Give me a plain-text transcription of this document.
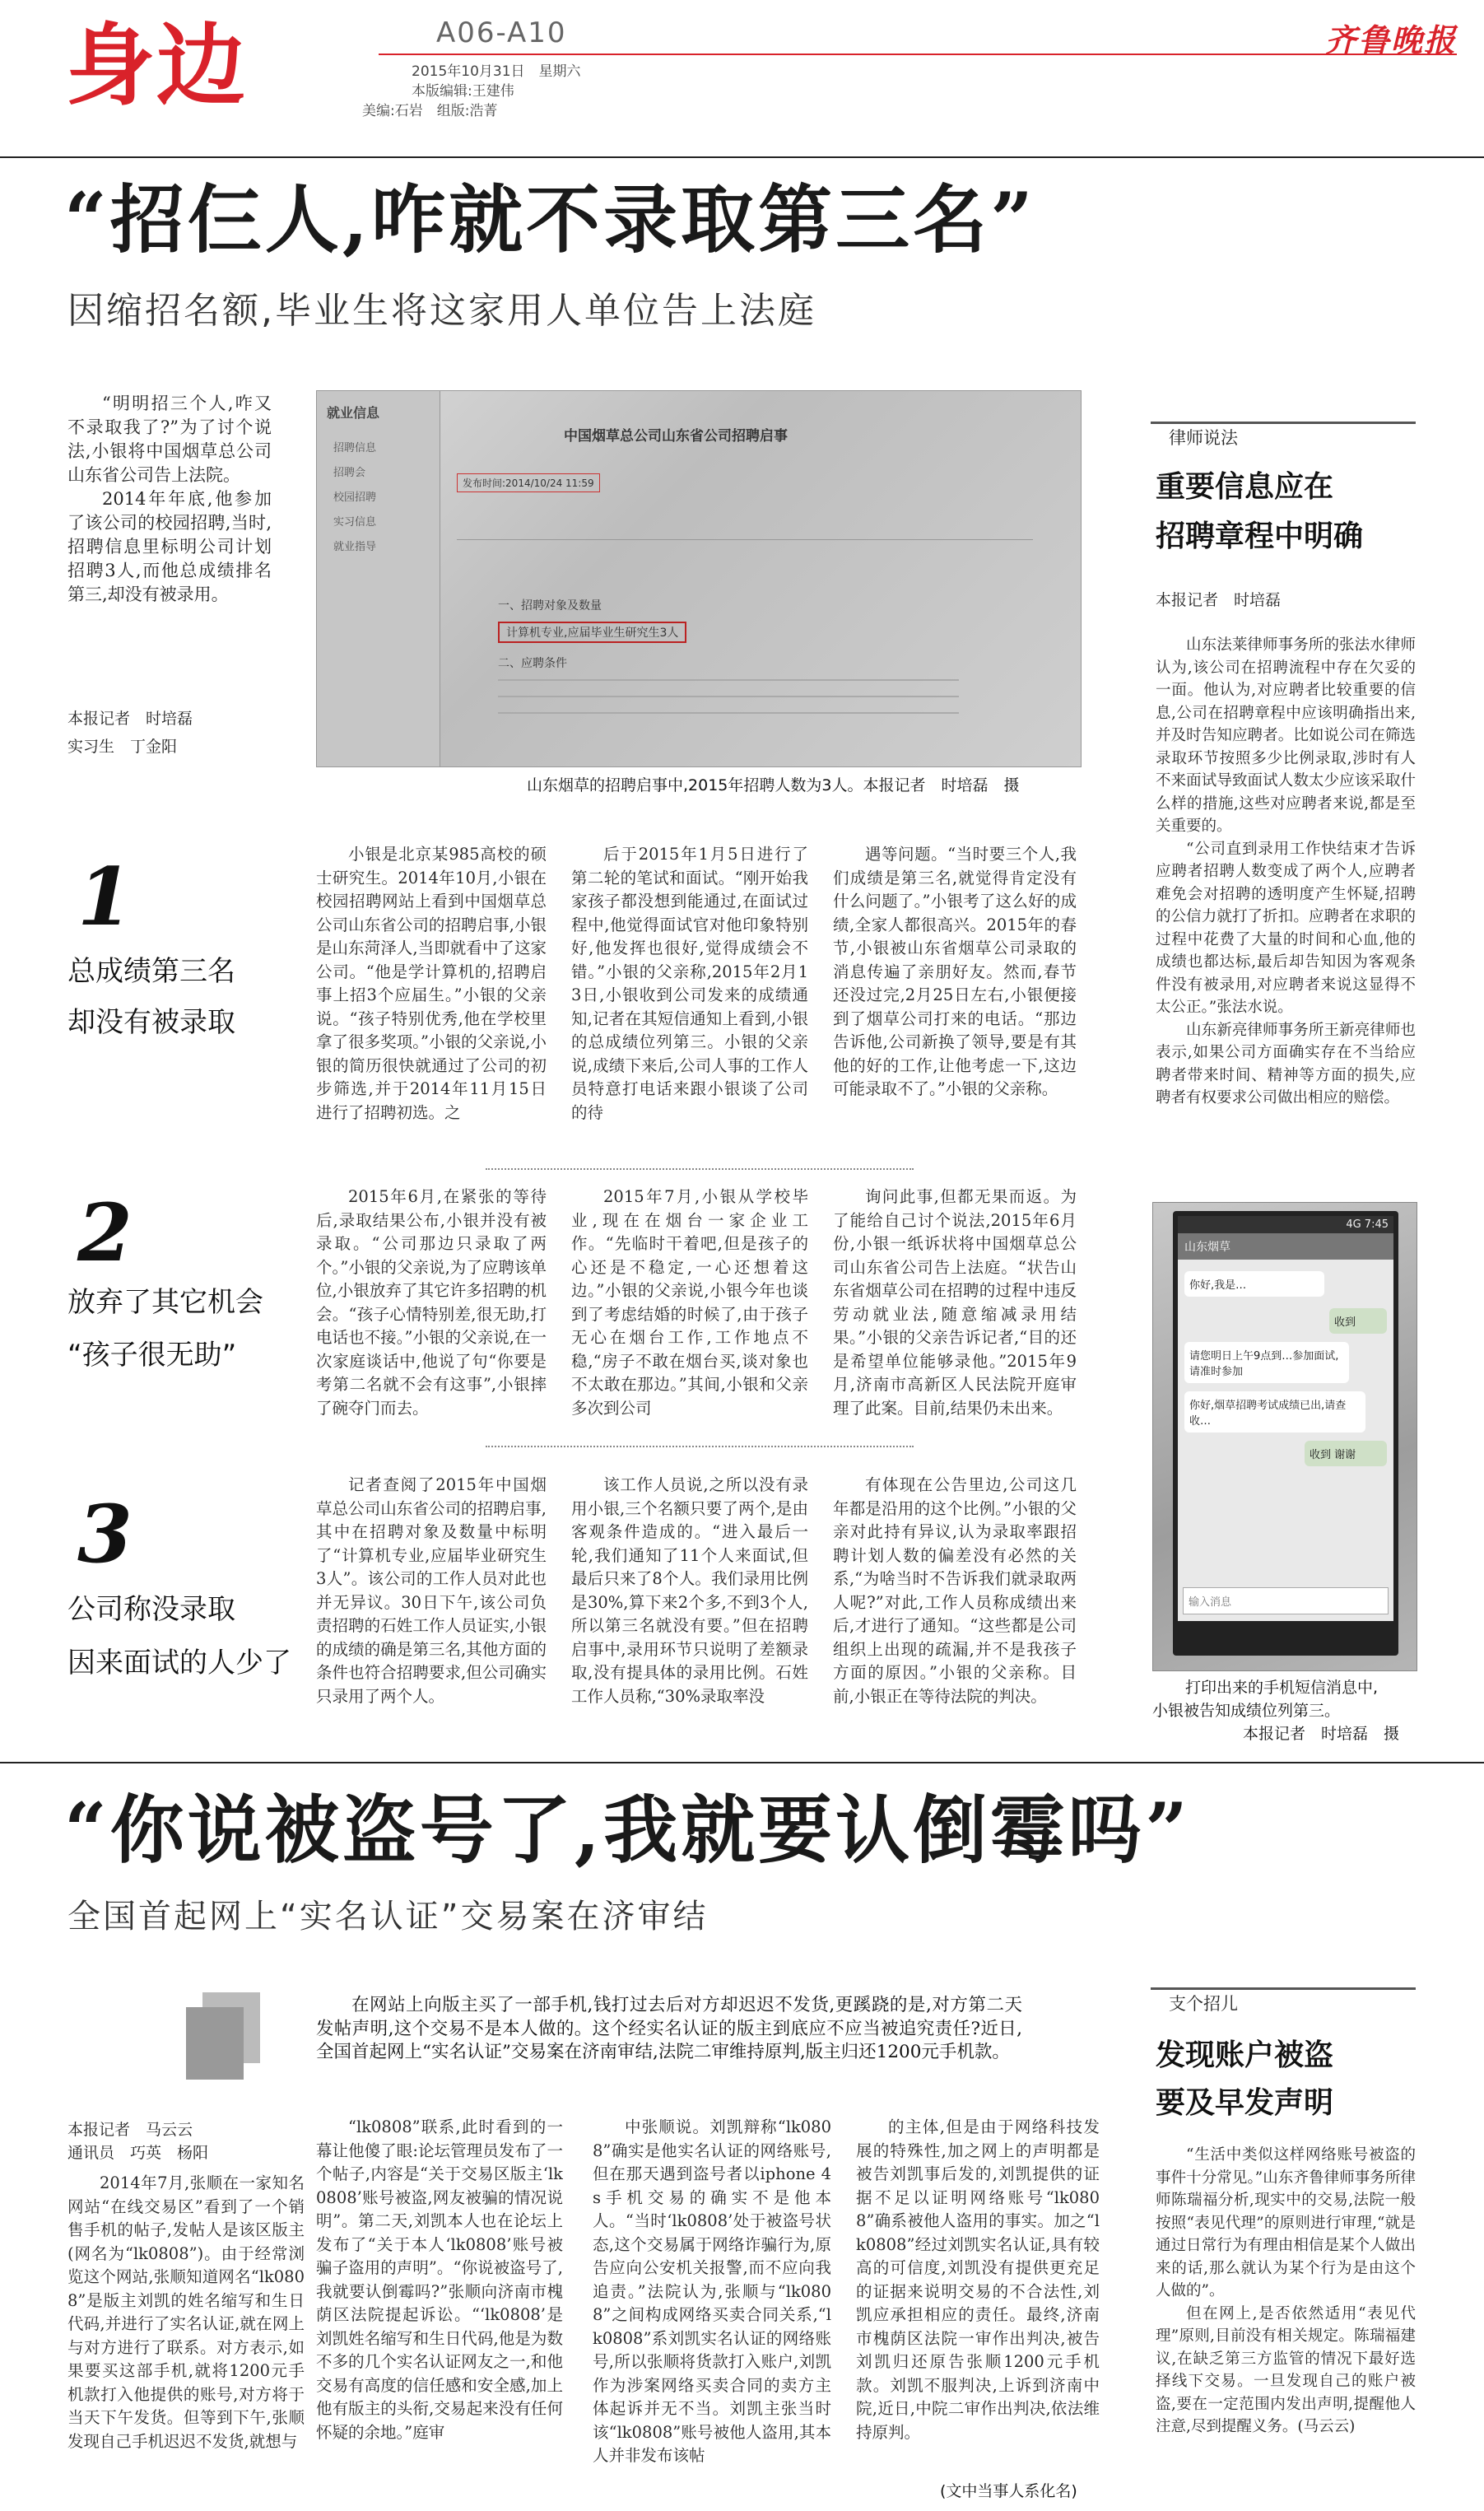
身边	A06-A10	齐鲁晚报
2015年10月31日　星期六
本版编辑:王建伟
美编:石岩　组版:浩菁
“招仨人,咋就不录取第三名”
因缩招名额,毕业生将这家用人单位告上法庭

“明明招三个人,咋又不录取我了?”为了讨个说法,小银将中国烟草总公司山东省公司告上法院。

2014年年底,他参加了该公司的校园招聘,当时,招聘信息里标明公司计划招聘3人,而他总成绩排名第三,却没有被录用。

本报记者　时培磊
实习生　丁金阳
就业信息
招聘信息
招聘会
校园招聘
实习信息
就业指导
中国烟草总公司山东省公司招聘启事
发布时间:2014/10/24 11:59
一、招聘对象及数量
计算机专业,应届毕业生研究生3人
二、应聘条件
山东烟草的招聘启事中,2015年招聘人数为3人。本报记者　时培磊　摄
1
总成绩第三名
却没有被录取

小银是北京某985高校的硕士研究生。2014年10月,小银在校园招聘网站上看到中国烟草总公司山东省公司的招聘启事,小银是山东菏泽人,当即就看中了这家公司。“他是学计算机的,招聘启事上招3个应届生。”小银的父亲说。“孩子特别优秀,他在学校里拿了很多奖项。”小银的父亲说,小银的简历很快就通过了公司的初步筛选,并于2014年11月15日进行了招聘初选。之

后于2015年1月5日进行了第二轮的笔试和面试。“刚开始我家孩子都没想到能通过,在面试过程中,他觉得面试官对他印象特别好,他发挥也很好,觉得成绩会不错。”小银的父亲称,2015年2月13日,小银收到公司发来的成绩通知,记者在其短信通知上看到,小银的总成绩位列第三。小银的父亲说,成绩下来后,公司人事的工作人员特意打电话来跟小银谈了公司的待

遇等问题。“当时要三个人,我们成绩是第三名,就觉得肯定没有什么问题了。”小银考了这么好的成绩,全家人都很高兴。2015年的春节,小银被山东省烟草公司录取的消息传遍了亲朋好友。然而,春节还没过完,2月25日左右,小银便接到了烟草公司打来的电话。“那边告诉他,公司新换了领导,要是有其他的好的工作,让他考虑一下,这边可能录取不了。”小银的父亲称。

2
放弃了其它机会
“孩子很无助”

2015年6月,在紧张的等待后,录取结果公布,小银并没有被录取。“公司那边只录取了两个。”小银的父亲说,为了应聘该单位,小银放弃了其它许多招聘的机会。“孩子心情特别差,很无助,打电话也不接。”小银的父亲说,在一次家庭谈话中,他说了句“你要是考第二名就不会有这事”,小银摔了碗夺门而去。

2015年7月,小银从学校毕业,现在在烟台一家企业工作。“先临时干着吧,但是孩子的心还是不稳定,一心还想着这边。”小银的父亲说,小银今年也谈到了考虑结婚的时候了,由于孩子无心在烟台工作,工作地点不稳,“房子不敢在烟台买,谈对象也不太敢在那边。”其间,小银和父亲多次到公司

询问此事,但都无果而返。为了能给自己讨个说法,2015年6月份,小银一纸诉状将中国烟草总公司山东省公司告上法庭。“状告山东省烟草公司在招聘的过程中违反劳动就业法,随意缩减录用结果。”小银的父亲告诉记者,“目的还是希望单位能够录他。”2015年9月,济南市高新区人民法院开庭审理了此案。目前,结果仍未出来。

3
公司称没录取
因来面试的人少了

记者查阅了2015年中国烟草总公司山东省公司的招聘启事,其中在招聘对象及数量中标明了“计算机专业,应届毕业研究生3人”。该公司的工作人员对此也并无异议。30日下午,该公司负责招聘的石姓工作人员证实,小银的成绩的确是第三名,其他方面的条件也符合招聘要求,但公司确实只录用了两个人。

该工作人员说,之所以没有录用小银,三个名额只要了两个,是由客观条件造成的。“进入最后一轮,我们通知了11个人来面试,但最后只来了8个人。我们录用比例是30%,算下来2个多,不到3个人,所以第三名就没有要。”但在招聘启事中,录用环节只说明了差额录取,没有提具体的录用比例。石姓工作人员称,“30%录取率没

有体现在公告里边,公司这几年都是沿用的这个比例。”小银的父亲对此持有异议,认为录取率跟招聘计划人数的偏差没有必然的关系,“为啥当时不告诉我们就录取两人呢?”对此,工作人员称成绩出来后,才进行了通知。“这些都是公司组织上出现的疏漏,并不是我孩子方面的原因。”小银的父亲称。目前,小银正在等待法院的判决。

律师说法
重要信息应在
招聘章程中明确
本报记者　时培磊

山东法莱律师事务所的张法水律师认为,该公司在招聘流程中存在欠妥的一面。他认为,对应聘者比较重要的信息,公司在招聘章程中应该明确指出来,并及时告知应聘者。比如说公司在筛选录取环节按照多少比例录取,涉时有人不来面试导致面试人数太少应该采取什么样的措施,这些对应聘者来说,都是至关重要的。

“公司直到录用工作快结束才告诉应聘者招聘人数变成了两个人,应聘者难免会对招聘的透明度产生怀疑,招聘的公信力就打了折扣。应聘者在求职的过程中花费了大量的时间和心血,他的成绩也都达标,最后却告知因为客观条件没有被录用,对应聘者来说这显得不太公正。”张法水说。

山东新亮律师事务所王新亮律师也表示,如果公司方面确实存在不当给应聘者带来时间、精神等方面的损失,应聘者有权要求公司做出相应的赔偿。

4G 7:45
山东烟草
你好,我是…
收到
请您明日上午9点到…参加面试,请准时参加
你好,烟草招聘考试成绩已出,请查收…
收到 谢谢
输入消息
打印出来的手机短信消息中,
小银被告知成绩位列第三。
本报记者　时培磊　摄
“你说被盗号了,我就要认倒霉吗”
全国首起网上“实名认证”交易案在济审结
在网站上向版主买了一部手机,钱打过去后对方却迟迟不发货,更蹊跷的是,对方第二天发帖声明,这个交易不是本人做的。这个经实名认证的版主到底应不应当被追究责任?近日,全国首起网上“实名认证”交易案在济南审结,法院二审维持原判,版主归还1200元手机款。
本报记者　马云云
通讯员　巧英　杨阳

2014年7月,张顺在一家知名网站“在线交易区”看到了一个销售手机的帖子,发帖人是该区版主(网名为“lk0808”)。由于经常浏览这个网站,张顺知道网名“lk0808”是版主刘凯的姓名缩写和生日代码,并进行了实名认证,就在网上与对方进行了联系。对方表示,如果要买这部手机,就将1200元手机款打入他提供的账号,对方将于当天下午发货。但等到下午,张顺发现自己手机迟迟不发货,就想与

“lk0808”联系,此时看到的一幕让他傻了眼:论坛管理员发布了一个帖子,内容是“关于交易区版主‘lk0808’账号被盗,网友被骗的情况说明”。第二天,刘凯本人也在论坛上发布了“关于本人‘lk0808’账号被骗子盗用的声明”。“你说被盗号了,我就要认倒霉吗?”张顺向济南市槐荫区法院提起诉讼。“‘lk0808’是刘凯姓名缩写和生日代码,他是为数不多的几个实名认证网友之一,和他交易有高度的信任感和安全感,加上他有版主的头衔,交易起来没有任何怀疑的余地。”庭审

中张顺说。刘凯辩称“lk0808”确实是他实名认证的网络账号,但在那天遇到盗号者以iphone 4s手机交易的确实不是他本人。“当时‘lk0808’处于被盗号状态,这个交易属于网络诈骗行为,原告应向公安机关报警,而不应向我追责。”法院认为,张顺与“lk0808”之间构成网络买卖合同关系,“lk0808”系刘凯实名认证的网络账号,所以张顺将货款打入账户,刘凯作为涉案网络买卖合同的卖方主体起诉并无不当。刘凯主张当时该“lk0808”账号被他人盗用,其本人并非发布该帖

的主体,但是由于网络科技发展的特殊性,加之网上的声明都是被告刘凯事后发的,刘凯提供的证据不足以证明网络账号“lk0808”确系被他人盗用的事实。加之“lk0808”经过刘凯实名认证,具有较高的可信度,刘凯没有提供更充足的证据来说明交易的不合法性,刘凯应承担相应的责任。最终,济南市槐荫区法院一审作出判决,被告刘凯归还原告张顺1200元手机款。刘凯不服判决,上诉到济南中院,近日,中院二审作出判决,依法维持原判。

(文中当事人系化名)
支个招儿
发现账户被盗
要及早发声明

“生活中类似这样网络账号被盗的事件十分常见。”山东齐鲁律师事务所律师陈瑞福分析,现实中的交易,法院一般按照“表见代理”的原则进行审理,“就是通过日常行为有理由相信是某个人做出来的话,那么就认为某个行为是由这个人做的”。

但在网上,是否依然适用“表见代理”原则,目前没有相关规定。陈瑞福建议,在缺乏第三方监管的情况下最好选择线下交易。一旦发现自己的账户被盗,要在一定范围内发出声明,提醒他人注意,尽到提醒义务。(马云云)
